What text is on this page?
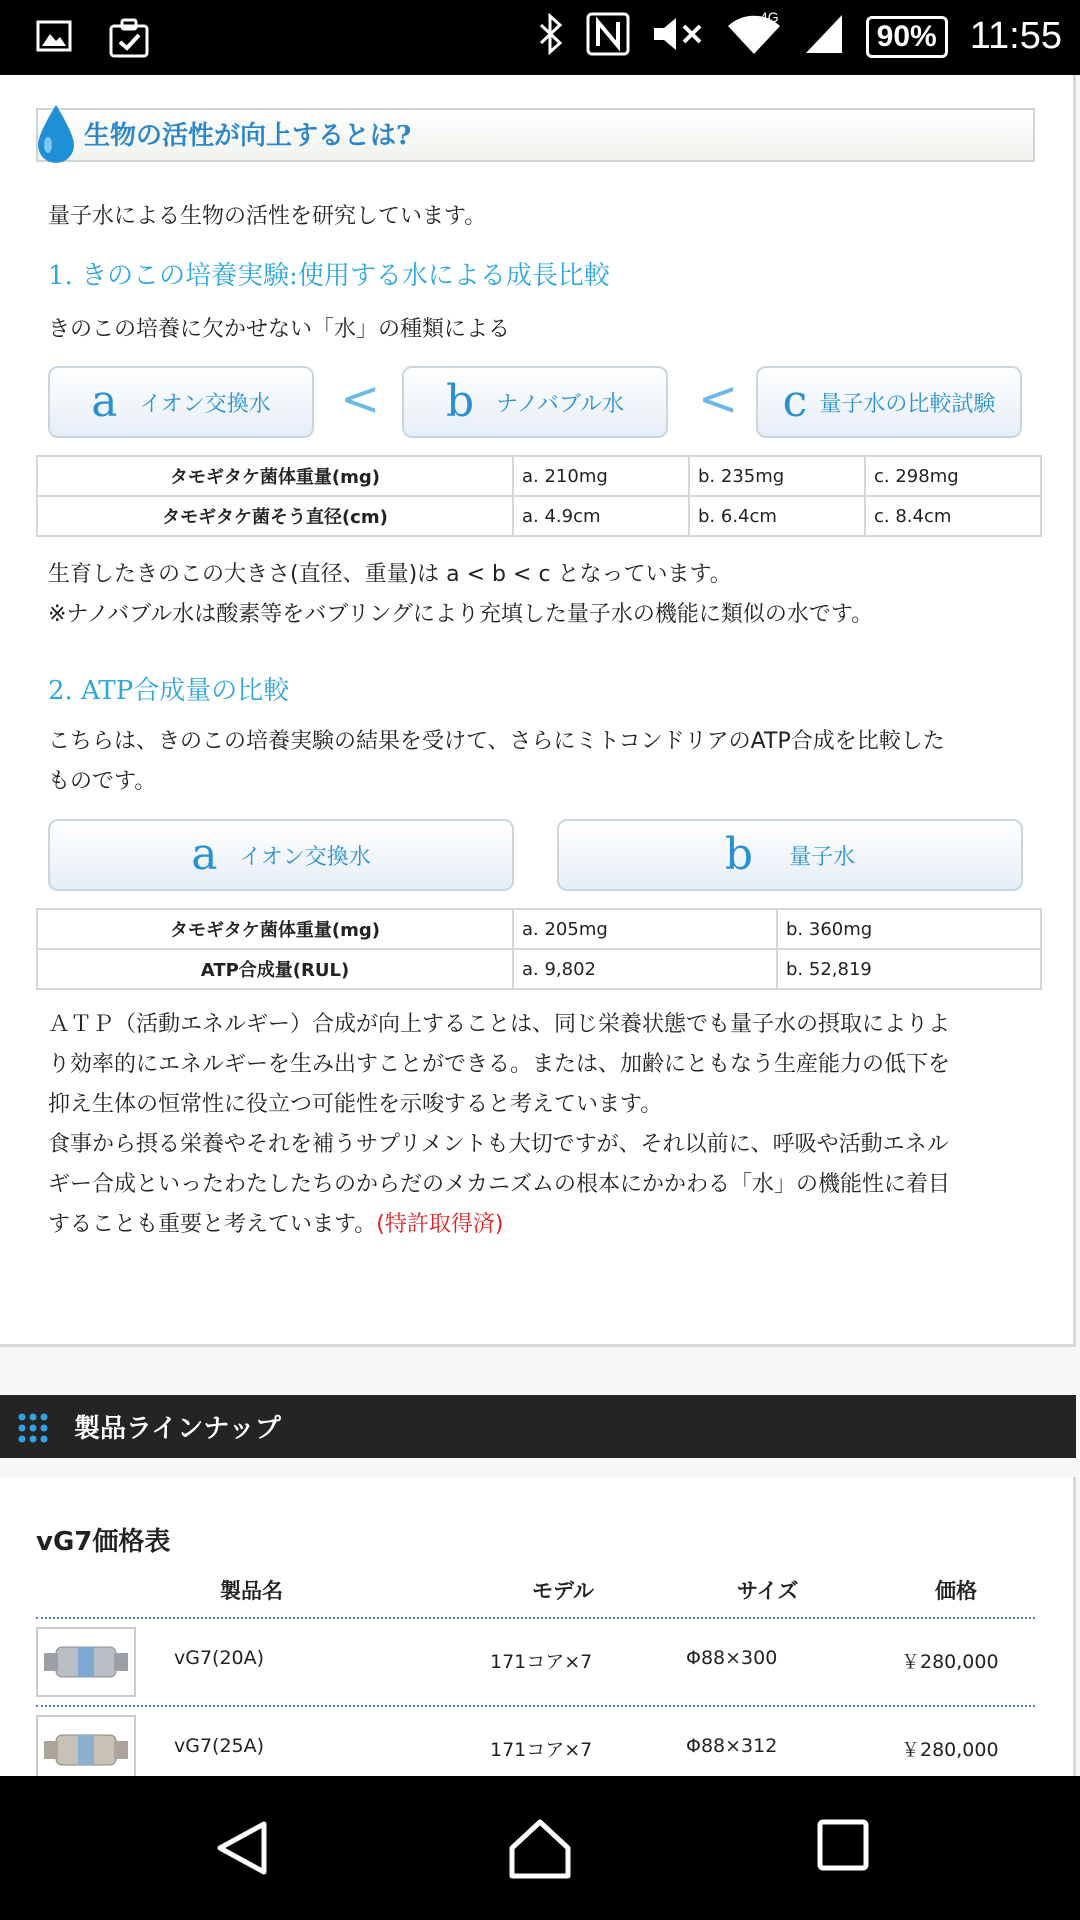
4G
90% 11:55
生物の活性が向上するとは?
量子水による生物の活性を研究しています。
1. きのこの培養実験:使用する水による成長比較
きのこの培養に欠かせない「水」の種類による
a イオン交換水 < b ナノバブル水 < c 量子水の比較試験
タモギタケ菌体重量(mg)	a. 210mg	b. 235mg	c. 298mg
タモギタケ菌そう直径(cm)	a. 4.9cm	b. 6.4cm	c. 8.4cm
生育したきのこの大きさ(直径、重量)は a < b < c となっています。
※ナノバブル水は酸素等をバブリングにより充填した量子水の機能に類似の水です。
2. ATP合成量の比較
こちらは、きのこの培養実験の結果を受けて、さらにミトコンドリアのATP合成を比較した
ものです。
a イオン交換水	b 量子水
タモギタケ菌体重量(mg)	a. 205mg	b. 360mg
ATP合成量(RUL)	a. 9,802	b. 52,819
ＡＴＰ（活動エネルギー）合成が向上することは、同じ栄養状態でも量子水の摂取によりよ
り効率的にエネルギーを生み出すことができる。または、加齢にともなう生産能力の低下を
抑え生体の恒常性に役立つ可能性を示唆すると考えています。
食事から摂る栄養やそれを補うサプリメントも大切ですが、それ以前に、呼吸や活動エネル
ギー合成といったわたしたちのからだのメカニズムの根本にかかわる「水」の機能性に着目
することも重要と考えています。(特許取得済)
製品ラインナップ
vG7価格表
製品名	モデル	サイズ	価格
vG7(20A)	171コア×7	Φ88×300	￥280,000
vG7(25A)	171コア×7	Φ88×312	￥280,000
